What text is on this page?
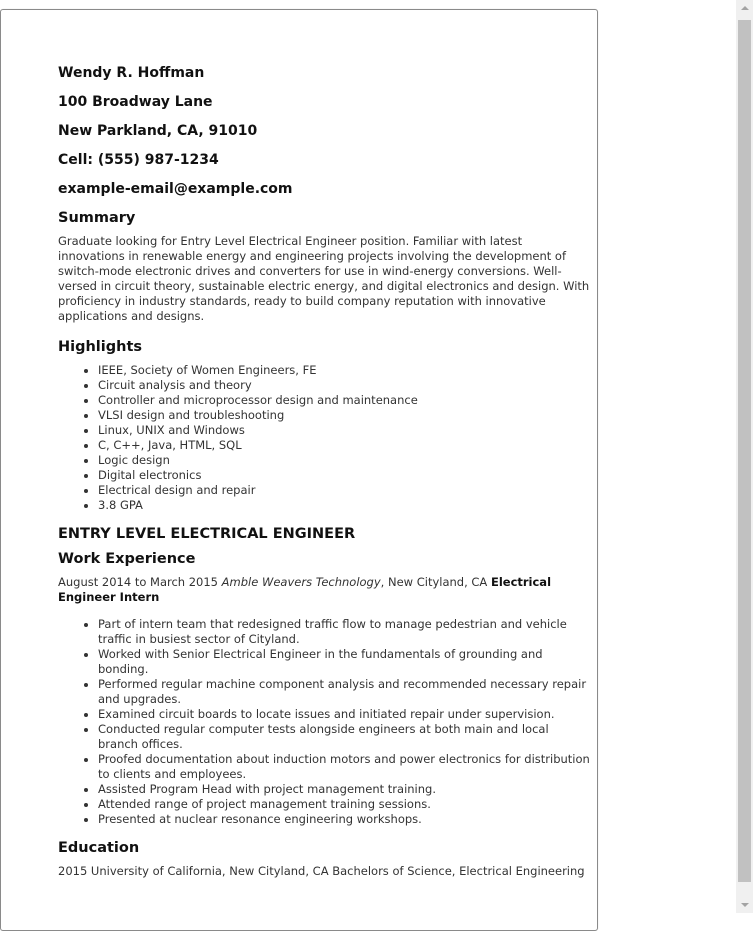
Wendy R. Hoffman
100 Broadway Lane
New Parkland, CA, 91010
Cell: (555) 987-1234
example-email@example.com
Summary

Graduate looking for Entry Level Electrical Engineer position. Familiar with latest innovations in renewable energy and engineering projects involving the development of switch-mode electronic drives and converters for use in wind-energy conversions. Well-versed in circuit theory, sustainable electric energy, and digital electronics and design. With proficiency in industry standards, ready to build company reputation with innovative applications and designs.

Highlights
• IEEE, Society of Women Engineers, FE
• Circuit analysis and theory
• Controller and microprocessor design and maintenance
• VLSI design and troubleshooting
• Linux, UNIX and Windows
• C, C++, Java, HTML, SQL
• Logic design
• Digital electronics
• Electrical design and repair
• 3.8 GPA
ENTRY LEVEL ELECTRICAL ENGINEER
Work Experience

August 2014 to March 2015 Amble Weavers Technology, New Cityland, CA Electrical Engineer Intern

• Part of intern team that redesigned traffic flow to manage pedestrian and vehicle traffic in busiest sector of Cityland.
• Worked with Senior Electrical Engineer in the fundamentals of grounding and bonding.
• Performed regular machine component analysis and recommended necessary repair and upgrades.
• Examined circuit boards to locate issues and initiated repair under supervision.
• Conducted regular computer tests alongside engineers at both main and local branch offices.
• Proofed documentation about induction motors and power electronics for distribution to clients and employees.
• Assisted Program Head with project management training.
• Attended range of project management training sessions.
• Presented at nuclear resonance engineering workshops.
Education

2015 University of California, New Cityland, CA Bachelors of Science, Electrical Engineering
